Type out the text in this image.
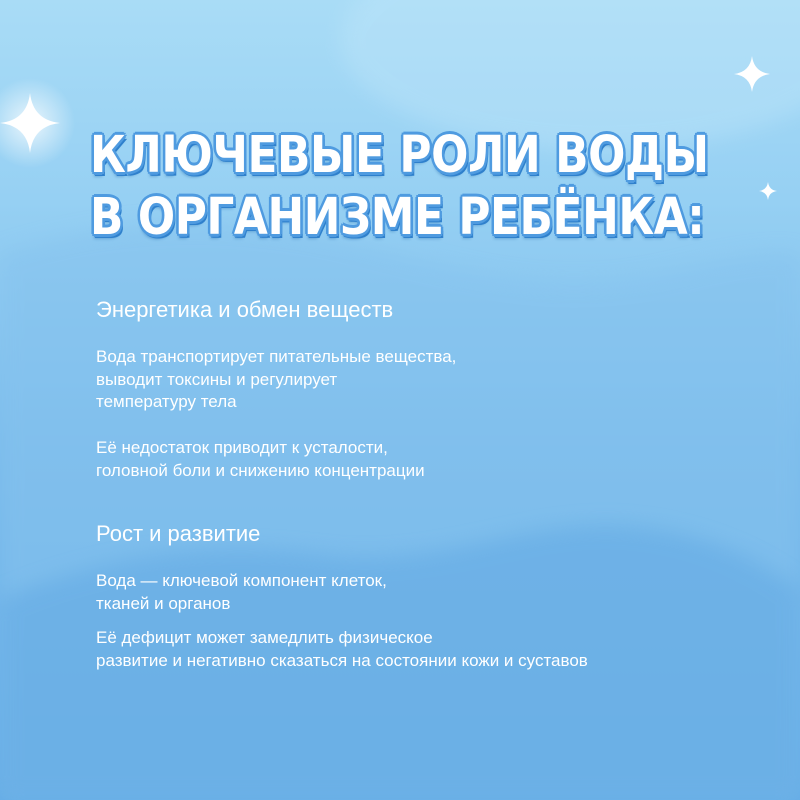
КЛЮЧЕВЫЕ РОЛИ ВОДЫ
В ОРГАНИЗМЕ РЕБЁНКА:
Энергетика и обмен веществ

Вода транспортирует питательные вещества,
выводит токсины и регулирует
температуру тела

Её недостаток приводит к усталости,
головной боли и снижению концентрации

Рост и развитие

Вода — ключевой компонент клеток,
тканей и органов

Её дефицит может замедлить физическое
развитие и негативно сказаться на состоянии кожи и суставов
